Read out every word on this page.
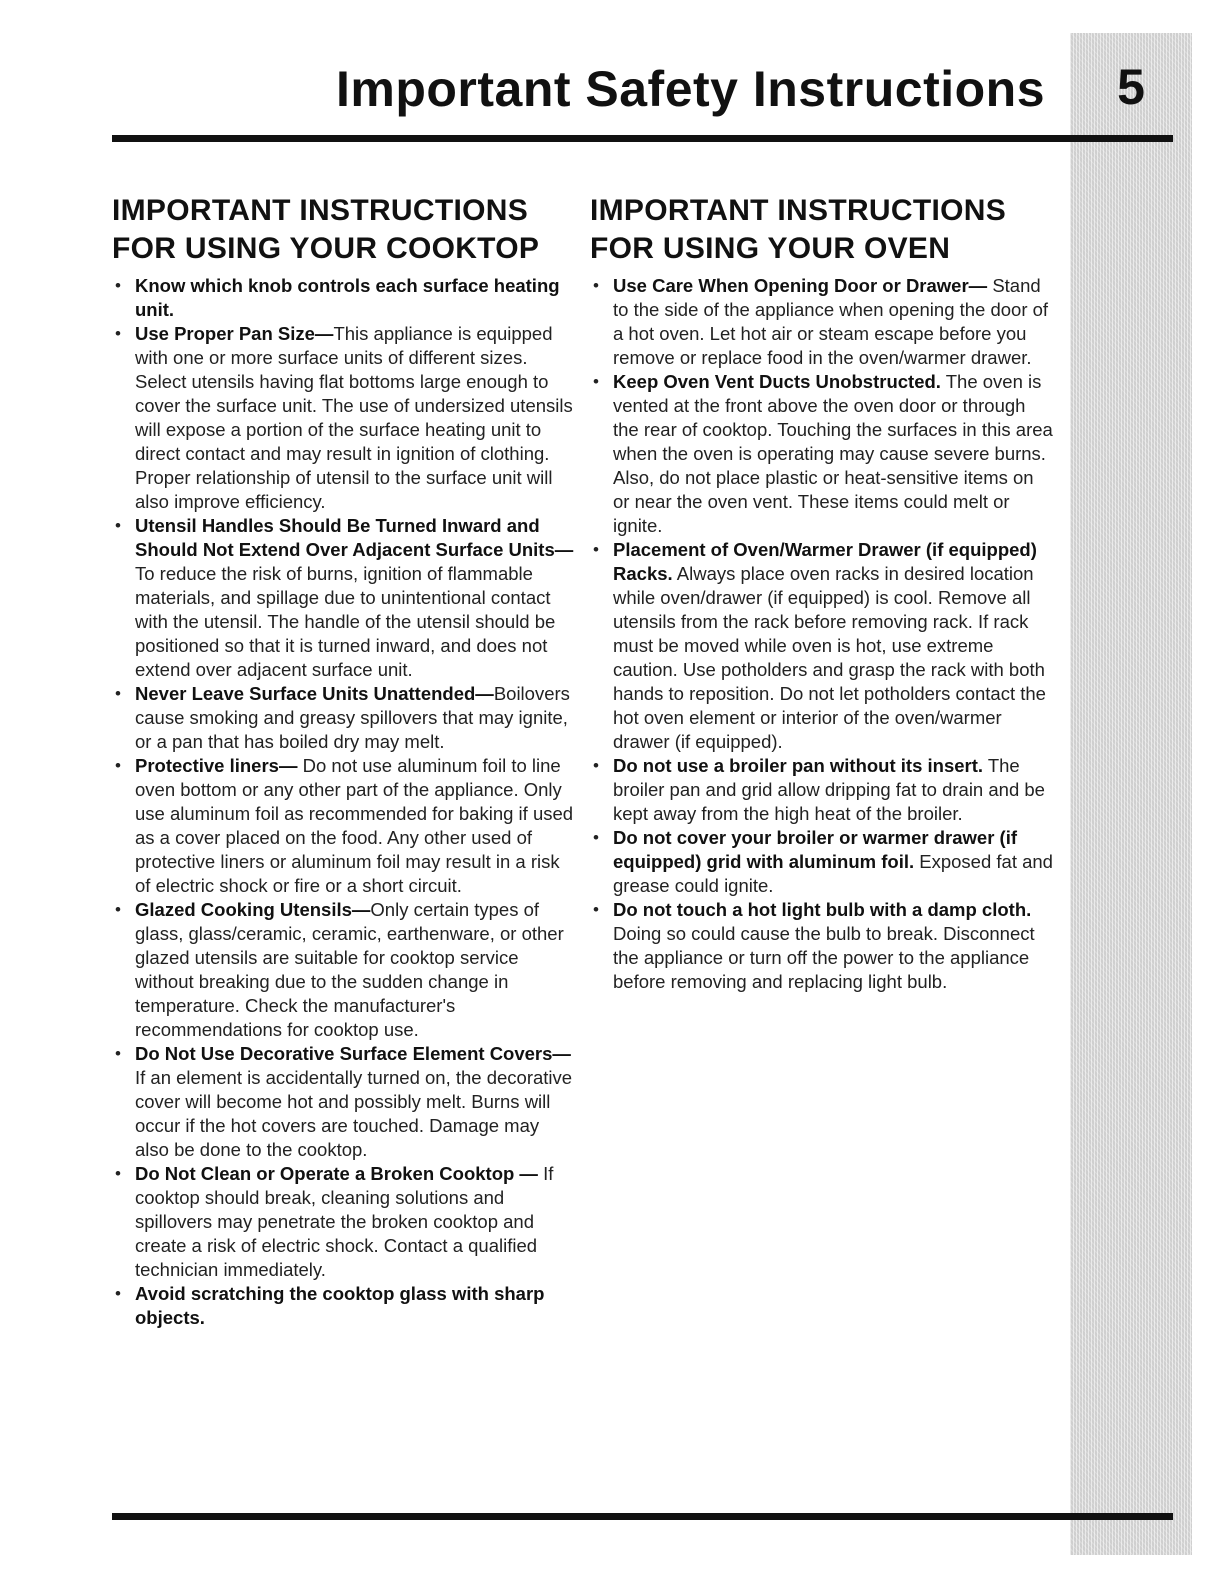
5
Important Safety Instructions
IMPORTANT INSTRUCTIONS
FOR USING YOUR COOKTOP
• Know which knob controls each surface heating unit.
• Use Proper Pan Size—This appliance is equipped with one or more surface units of different sizes. Select utensils having flat bottoms large enough to cover the surface unit. The use of undersized utensils will expose a portion of the surface heating unit to direct contact and may result in ignition of clothing. Proper relationship of utensil to the surface unit will also improve efficiency.
• Utensil Handles Should Be Turned Inward and Should Not Extend Over Adjacent Surface Units—To reduce the risk of burns, ignition of flammable materials, and spillage due to unintentional contact with the utensil. The handle of the utensil should be positioned so that it is turned inward, and does not extend over adjacent surface unit.
• Never Leave Surface Units Unattended—Boilovers cause smoking and greasy spillovers that may ignite, or a pan that has boiled dry may melt.
• Protective liners— Do not use aluminum foil to line oven bottom or any other part of the appliance. Only use aluminum foil as recommended for baking if used as a cover placed on the food. Any other used of protective liners or aluminum foil may result in a risk of electric shock or fire or a short circuit.
• Glazed Cooking Utensils—Only certain types of glass, glass/ceramic, ceramic, earthenware, or other glazed utensils are suitable for cooktop service without breaking due to the sudden change in temperature. Check the manufacturer's recommendations for cooktop use.
• Do Not Use Decorative Surface Element Covers— If an element is accidentally turned on, the decorative cover will become hot and possibly melt. Burns will occur if the hot covers are touched. Damage may also be done to the cooktop.
• Do Not Clean or Operate a Broken Cooktop — If cooktop should break, cleaning solutions and spillovers may penetrate the broken cooktop and create a risk of electric shock. Contact a qualified technician immediately.
• Avoid scratching the cooktop glass with sharp objects.
IMPORTANT INSTRUCTIONS
FOR USING YOUR OVEN
• Use Care When Opening Door or Drawer— Stand to the side of the appliance when opening the door of a hot oven. Let hot air or steam escape before you remove or replace food in the oven/warmer drawer.
• Keep Oven Vent Ducts Unobstructed. The oven is vented at the front above the oven door or through the rear of cooktop. Touching the surfaces in this area when the oven is operating may cause severe burns. Also, do not place plastic or heat-sensitive items on or near the oven vent. These items could melt or ignite.
• Placement of Oven/Warmer Drawer (if equipped) Racks. Always place oven racks in desired location while oven/drawer (if equipped) is cool. Remove all utensils from the rack before removing rack. If rack must be moved while oven is hot, use extreme caution. Use potholders and grasp the rack with both hands to reposition. Do not let potholders contact the hot oven element or interior of the oven/warmer drawer (if equipped).
• Do not use a broiler pan without its insert. The broiler pan and grid allow dripping fat to drain and be kept away from the high heat of the broiler.
• Do not cover your broiler or warmer drawer (if equipped) grid with aluminum foil. Exposed fat and grease could ignite.
• Do not touch a hot light bulb with a damp cloth. Doing so could cause the bulb to break. Disconnect the appliance or turn off the power to the appliance before removing and replacing light bulb.
